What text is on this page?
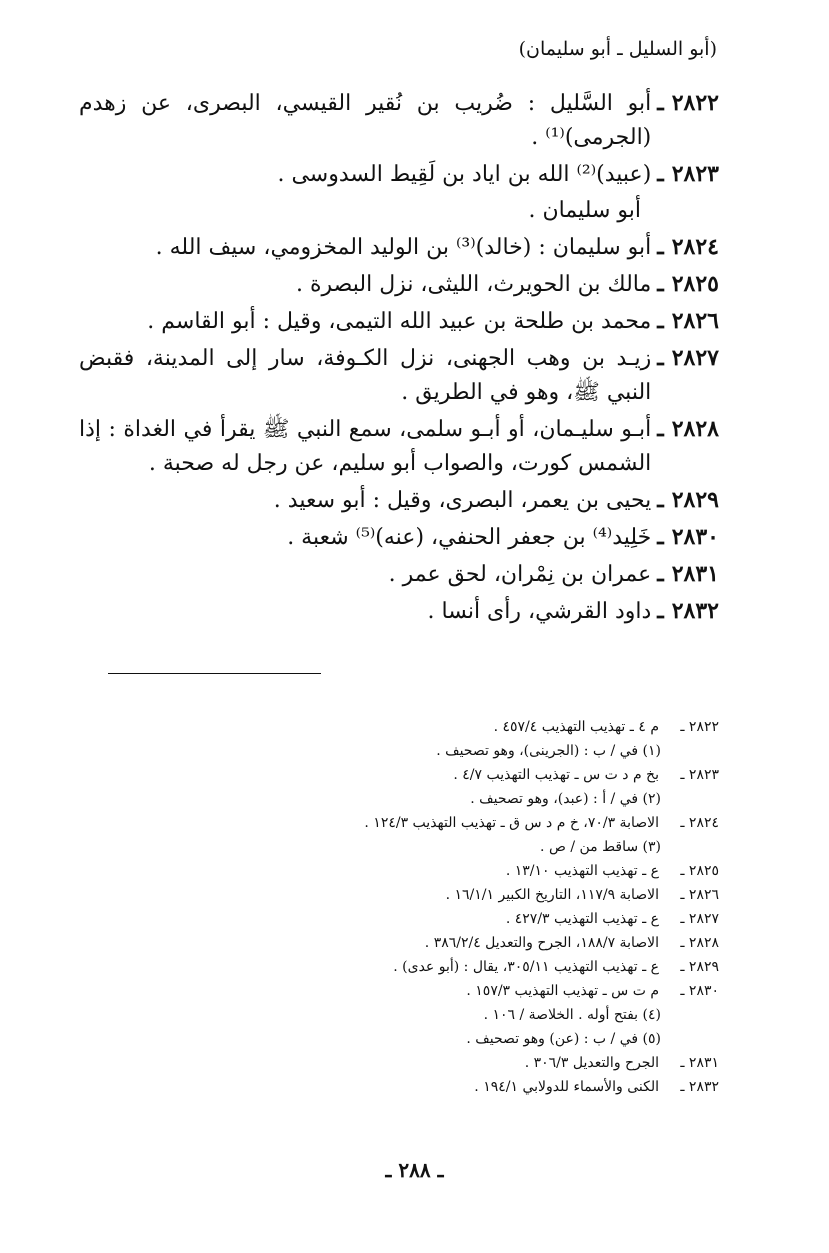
(أبو السليل ـ أبو سليمان)
٢٨٢٢
ـ
أبو السَّليل : ضُريب بن نُقير القيسي، البصرى، عن زهدم (الجرمى)⁽¹⁾ .
٢٨٢٣
ـ
(عبيد)⁽²⁾ الله بن اياد بن لَقِيط السدوسى .
أبو سليمان .
٢٨٢٤
ـ
أبو سليمان : (خالد)⁽³⁾ بن الوليد المخزومي، سيف الله .
٢٨٢٥
ـ
مالك بن الحويرث، الليثى، نزل البصرة .
٢٨٢٦
ـ
محمد بن طلحة بن عبيد الله التيمى، وقيل : أبو القاسم .
٢٨٢٧
ـ
زيـد بن وهب الجهنى، نزل الكـوفة، سار إلى المدينة، فقبض النبي ﷺ، وهو في الطريق .
٢٨٢٨
ـ
أبـو سليـمان، أو أبـو سلمى، سمع النبي ﷺ يقرأ في الغداة : إذا الشمس كورت، والصواب أبو سليم، عن رجل له صحبة .
٢٨٢٩
ـ
يحيى بن يعمر، البصرى، وقيل : أبو سعيد .
٢٨٣٠
ـ
خَلِيد⁽⁴⁾ بن جعفر الحنفي، (عنه)⁽⁵⁾ شعبة .
٢٨٣١
ـ
عمران بن نِمْران، لحق عمر .
٢٨٣٢
ـ
داود القرشي، رأى أنسا .
٢٨٢٢ ـ
م ٤ ـ تهذيب التهذيب ٤٥٧/٤ .
(١) في / ب : (الجرينى)، وهو تصحيف .
٢٨٢٣ ـ
بخ م د ت س ـ تهذيب التهذيب ٤/٧ .
(٢) في / أ : (عبد)، وهو تصحيف .
٢٨٢٤ ـ
الاصابة ٧٠/٣، خ م د س ق ـ تهذيب التهذيب ١٢٤/٣ .
(٣) ساقط من / ص .
٢٨٢٥ ـ
ع ـ تهذيب التهذيب ١٣/١٠ .
٢٨٢٦ ـ
الاصابة ١١٧/٩، التاريخ الكبير ١٦/١/١ .
٢٨٢٧ ـ
ع ـ تهذيب التهذيب ٤٢٧/٣ .
٢٨٢٨ ـ
الاصابة ١٨٨/٧، الجرح والتعديل ٣٨٦/٢/٤ .
٢٨٢٩ ـ
ع ـ تهذيب التهذيب ٣٠٥/١١، يقال : (أبو عدى) .
٢٨٣٠ ـ
م ت س ـ تهذيب التهذيب ١٥٧/٣ .
(٤) بفتح أوله . الخلاصة / ١٠٦ .
(٥) في / ب : (عن) وهو تصحيف .
٢٨٣١ ـ
الجرح والتعديل ٣٠٦/٣ .
٢٨٣٢ ـ
الكنى والأسماء للدولابي ١٩٤/١ .
ـ ٢٨٨ ـ
